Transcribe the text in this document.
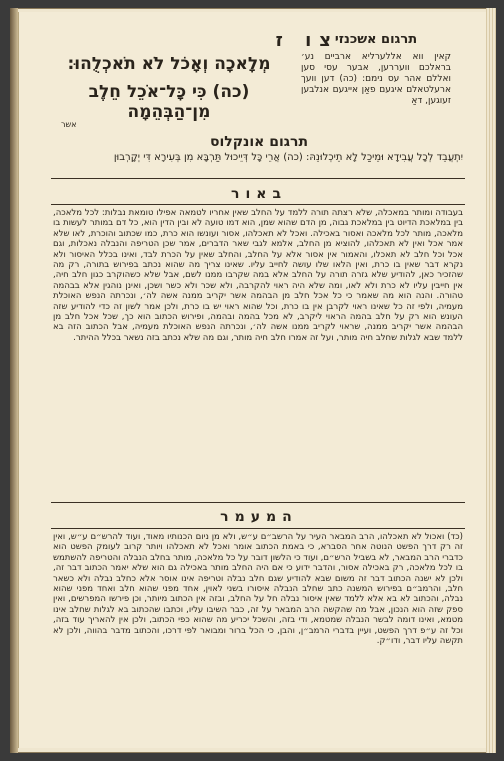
צו ז
תרגום אשכנזי
קאין ווא אללערליא ארביים נע׳ בראלכם וועררען, אבער עסי סען ואללם אהר עס נימם: (כה) דען וועך ארעלטאלם איגעם פאַן אייגעם אנלבען זעוגען, דאַ
מְלָאכָה וְאָכֹל לֹא תֹאכְלֻהוּ:
(כה) כִּי כָּל־אֹכֵל חֵלֶב מִן־הַבְּהֵמָה
אשר
תרגום אונקלוס
יִתְעֲבֵד לְכָל עֲבִידָא וּמֵיכַל לָא תֵיכְלוּנֵהּ: (כה) אֲרֵי כָּל דְּיֵיכוּל תַּרְבָּא מִן בְּעִירָא דִּי יְקָרְבוּן
באור
בעבודה ומותר במאכלה, שלא רצתה תורה ללמד על החלב שאין אחריו לטמאה אפילו טומאת נבלות: לכל מלאכה, בין במלאכת הדיוט בין במלאכת גבוה, מן הדם שהוא שמן, הוא דמו טועה לא ובין הדין הוא, כל דם במותר לעשות בו מלאכה, מותר לכל מלאכה ואסור באכילה. ואכל לא תאכלהו, אסור ועונשו הוא כרת, כמו שכתוב והוכרת, לאו שלא אמר אכל ואין לא תאכלהו, להוציא מן החלב, אלמא לגבי שאר הדברים, אמר שכן הטריפה והנבלה נאכלות, וגם אכל וכל חלב לא תאכלו, והאמור אין אסור אלא על החלב, והחלב שאין על הכרת לבד, ואינו בכלל האיסור ולא נקרא דבר שאין בו כרת, ואין הלאו שלו עושה לחייב עליו. שאינו צריך מה שהוא נכתב בפירוש בתורה, רק מה שהזכיר כאן, להודיע שלא גזרה תורה על החלב אלא במה שקרבו ממנו לשם, אבל שלא כשהוקרב כגון חלב חיה, אין חייבין עליו לא כרת ולא לאו, ומה שלא היה ראוי להקרבה, ולא שכר ולא כשר ושכן, ואינן נוהגין אלא בבהמה טהורה. והנה הוא מה שאמר כי כל אכל חלב מן הבהמה אשר יקריב ממנה אשה לה׳, ונכרתה הנפש האוכלת מעמיה, ולפי זה כל שאינו ראוי לקרבן אין בו כרת, וכל שהוא ראוי יש בו כרת, ולכן אמר לשון זה כדי להודיע שזה העונש הוא רק על חלב בהמה הראוי ליקרב, לא מכל בהמה ובהמה, ופירוש הכתוב הוא כך, שכל אכל חלב מן הבהמה אשר יקריב ממנה, שראוי לקריב ממנו אשה לה׳, ונכרתה הנפש האוכלת מעמיה, אבל הכתוב הזה בא ללמד שבא לגלות שחלב חיה מותר, ועל זה אמרו חלב חיה מותר, וגם מה שלא נכתב בזה נשאר בכלל ההיתר.
המעמר
(כד) ואכול לא תאכלהו, הרב המבאר העיר על הרשב״ם ע״ש, ולא מן ניום הכנותיו מאוד, ועוד להרש״ם ע״ש, ואין זה רק דרך הפשט הנוטה אחר הסברא, כי באמת הכתוב אומר ואכל לא תאכלהו ויותר קרוב לעומק הפשט הוא כדברי הרב המבאר, לא בשביל הרש״ם, ועוד כי הלשון דובר על כל מלאכה, מותר בחלב הנבלה והטריפה להשתמש בו לכל מלאכה, רק באכילה אסור, והדבר ידוע כי אם היה החלב מותר באכילה גם הוא שלא יאמר הכתוב דבר זה, ולכן לא ישנה הכתוב דבר זה משום שבא להודיע שגם חלב נבלה וטריפה אינו אוסר אלא כחלב נבלה ולא כשאר חלב, והרמב״ם בפירוש המשנה כתב שחלב הנבלה איסורו בשני לאוין, אחד מפני שהוא חלב ואחד מפני שהוא נבלה, והכתוב לא בא אלא ללמד שאין איסור נבלה חל על החלב, ובזה אין הכתוב מיותר, וכן פירשו המפרשים, ואין ספק שזה הוא הנכון, אבל מה שהקשה הרב המבאר על זה, כבר השיבו עליו, וכתבו שהכתוב בא לגלות שחלב אינו מטמא, ואינו דומה לבשר הנבלה שמטמא, ודי בזה, והשכל יכריע מה שהוא כפי הכתוב, ולכן אין להאריך עוד בזה, וכל זה ע״פ דרך הפשט, ועיין בדברי הרמב״ן, והבן, כי הכל ברור ומבואר לפי דרכו, והכתוב מדבר בהווה, ולכן לא תקשה עליו דבר, ודו״ק.
